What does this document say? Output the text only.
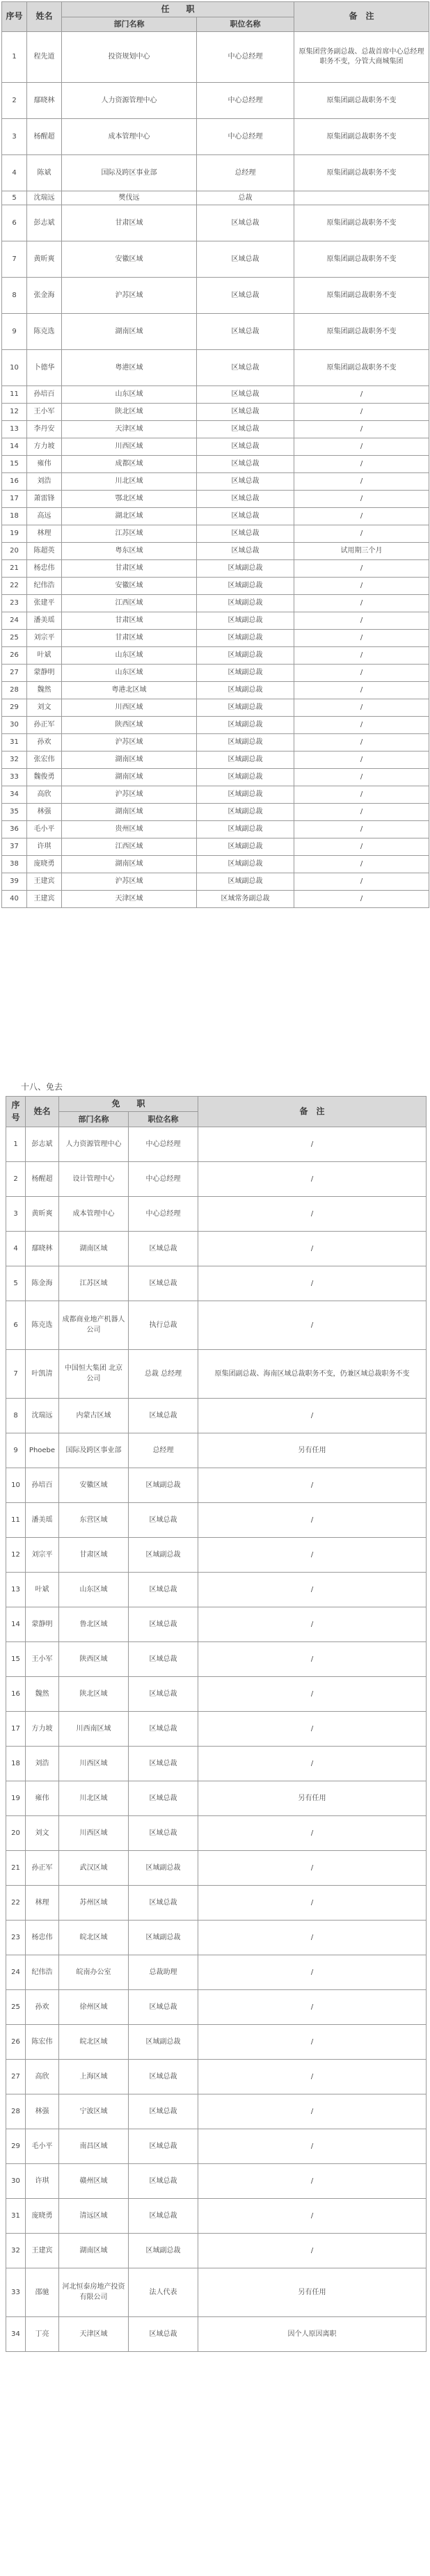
序号	姓名	任　　职		备　注
		部门名称	职位名称	
1	程先道	投资规划中心	中心总经理	原集团营务副总裁、总裁首席中心总经理职务不变，分管大商城集团
2	鄢晓林	人力资源管理中心	中心总经理	原集团副总裁职务不变
3	杨醒超	成本管理中心	中心总经理	原集团副总裁职务不变
4	陈斌	国际及跨区事业部	总经理	原集团副总裁职务不变
5	沈瑞远	樊伐远	总裁	
6	彭志斌	甘肃区域	区域总裁	原集团副总裁职务不变
7	黄昕爽	安徽区域	区域总裁	原集团副总裁职务不变
8	张金海	沪苏区域	区域总裁	原集团副总裁职务不变
9	陈克选	湖南区域	区域总裁	原集团副总裁职务不变
10	卜德华	粤港区域	区域总裁	原集团副总裁职务不变
11	孙培百	山东区域	区域总裁	/
12	王小军	陕北区域	区域总裁	/
13	李丹安	天津区域	区域总裁	/
14	方力坡	川西区域	区域总裁	/
15	雍伟	成都区域	区域总裁	/
16	刘浩	川北区域	区域总裁	/
17	萧雷锋	鄂北区域	区域总裁	/
18	高远	湖北区域	区域总裁	/
19	林理	江苏区域	区域总裁	/
20	陈超英	粤东区域	区域总裁	试用期三个月
21	杨忠伟	甘肃区域	区域副总裁	/
22	纪伟浩	安徽区域	区域副总裁	/
23	张建平	江西区域	区域副总裁	/
24	潘美瑶	甘肃区域	区域副总裁	/
25	刘宗平	甘肃区域	区域副总裁	/
26	叶斌	山东区域	区域副总裁	/
27	蒙静明	山东区域	区域副总裁	/
28	魏然	粤港北区域	区域副总裁	/
29	刘文	川西区域	区域副总裁	/
30	孙正军	陕西区域	区域副总裁	/
31	孙欢	沪苏区域	区域副总裁	/
32	张宏伟	湖南区域	区域副总裁	/
33	魏俊勇	湖南区域	区域副总裁	/
34	高欣	沪苏区域	区域副总裁	/
35	林强	湖南区域	区域副总裁	/
36	毛小平	贵州区域	区域副总裁	/
37	许琪	江西区域	区域副总裁	/
38	庞晓勇	湖南区域	区域副总裁	/
39	王建宾	沪苏区域	区域副总裁	/
40	王建宾	天津区域	区域常务副总裁	/
十八、免去
序号	姓名	免　　职		备　注
		部门名称	职位名称	
1	彭志斌	人力资源管理中心	中心总经理	/
2	杨醒超	设计管理中心	中心总经理	/
3	黄昕爽	成本管理中心	中心总经理	/
4	鄢晓林	湖南区域	区域总裁	/
5	陈金海	江苏区域	区域总裁	/
6	陈克选	成都商业地产机器人公司	执行总裁	/
7	叶凯清	中国恒大集团 北京公司	总裁 总经理	原集团副总裁、海南区域总裁职务不变，仍兼区域总裁职务不变
8	沈瑞远	内蒙古区域	区域总裁	/
9	Phoebe	国际及跨区事业部	总经理	另有任用
10	孙培百	安徽区域	区域副总裁	/
11	潘美瑶	东营区域	区域总裁	/
12	刘宗平	甘肃区域	区域副总裁	/
13	叶斌	山东区域	区域总裁	/
14	蒙静明	鲁北区域	区域总裁	/
15	王小军	陕西区域	区域总裁	/
16	魏然	陕北区域	区域总裁	/
17	方力坡	川西南区域	区域总裁	/
18	刘浩	川西区域	区域总裁	/
19	雍伟	川北区域	区域总裁	另有任用
20	刘文	川西区域	区域总裁	/
21	孙正军	武汉区域	区域副总裁	/
22	林理	苏州区域	区域总裁	/
23	杨忠伟	皖北区域	区域副总裁	/
24	纪伟浩	皖南办公室	总裁助理	/
25	孙欢	徐州区域	区域总裁	/
26	陈宏伟	皖北区域	区域副总裁	/
27	高欣	上海区域	区域总裁	/
28	林强	宁波区域	区域总裁	/
29	毛小平	南昌区域	区域总裁	/
30	许琪	赣州区域	区域总裁	/
31	庞晓勇	清远区域	区域总裁	/
32	王建宾	湖南区域	区域副总裁	/
33	邵驰	河北恒泰房地产投资有限公司	法人代表	另有任用
34	丁亮	天津区域	区域总裁	因个人原因离职
